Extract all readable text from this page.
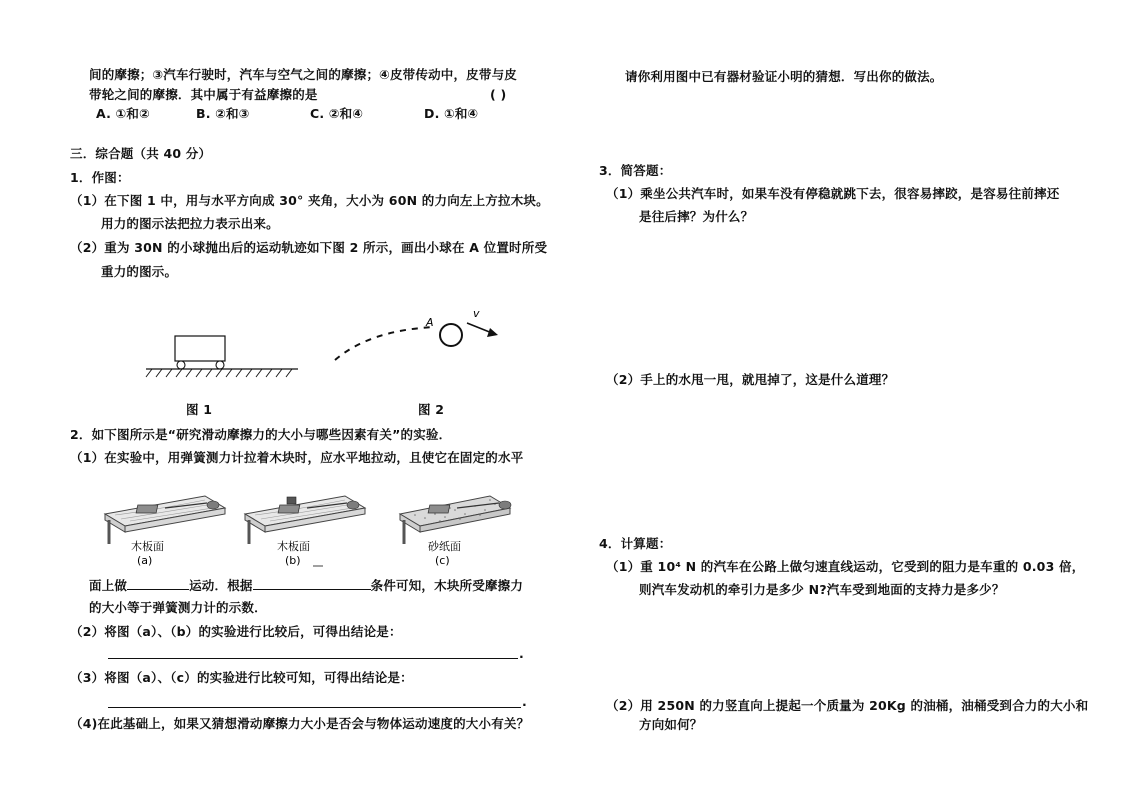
间的摩擦；③汽车行驶时，汽车与空气之间的摩擦；④皮带传动中，皮带与皮
带轮之间的摩擦．其中属于有益摩擦的是	( )
A. ①和②	B. ②和③	C. ②和④	D. ①和④
三．综合题（共 40 分）
1．作图：
（1）在下图 1 中，用与水平方向成 30° 夹角，大小为 60N 的力向左上方拉木块。
用力的图示法把拉力表示出来。
（2）重为 30N 的小球抛出后的运动轨迹如下图 2 所示，画出小球在 A 位置时所受
重力的图示。
A
v
图 1	图 2
2．如下图所示是“研究滑动摩擦力的大小与哪些因素有关”的实验．
（1）在实验中，用弹簧测力计拉着木块时，应水平地拉动，且使它在固定的水平
木板面
(a)
木板面
(b)
砂纸面
(c)
面上做	运动．根据	条件可知，木块所受摩擦力
的大小等于弹簧测力计的示数．
（2）将图（a）、（b）的实验进行比较后，可得出结论是：
.
（3）将图（a）、（c）的实验进行比较可知，可得出结论是：
.
（4)在此基础上，如果又猜想滑动摩擦力大小是否会与物体运动速度的大小有关？
请你利用图中已有器材验证小明的猜想．写出你的做法。
3．简答题：
（1）乘坐公共汽车时，如果车没有停稳就跳下去，很容易摔跤，是容易往前摔还
是往后摔？为什么？
（2）手上的水甩一甩，就甩掉了，这是什么道理？
4．计算题：
（1）重 10⁴ N 的汽车在公路上做匀速直线运动，它受到的阻力是车重的 0.03 倍，
则汽车发动机的牵引力是多少 N?汽车受到地面的支持力是多少？
（2）用 250N 的力竖直向上提起一个质量为 20Kg 的油桶，油桶受到合力的大小和
方向如何？
